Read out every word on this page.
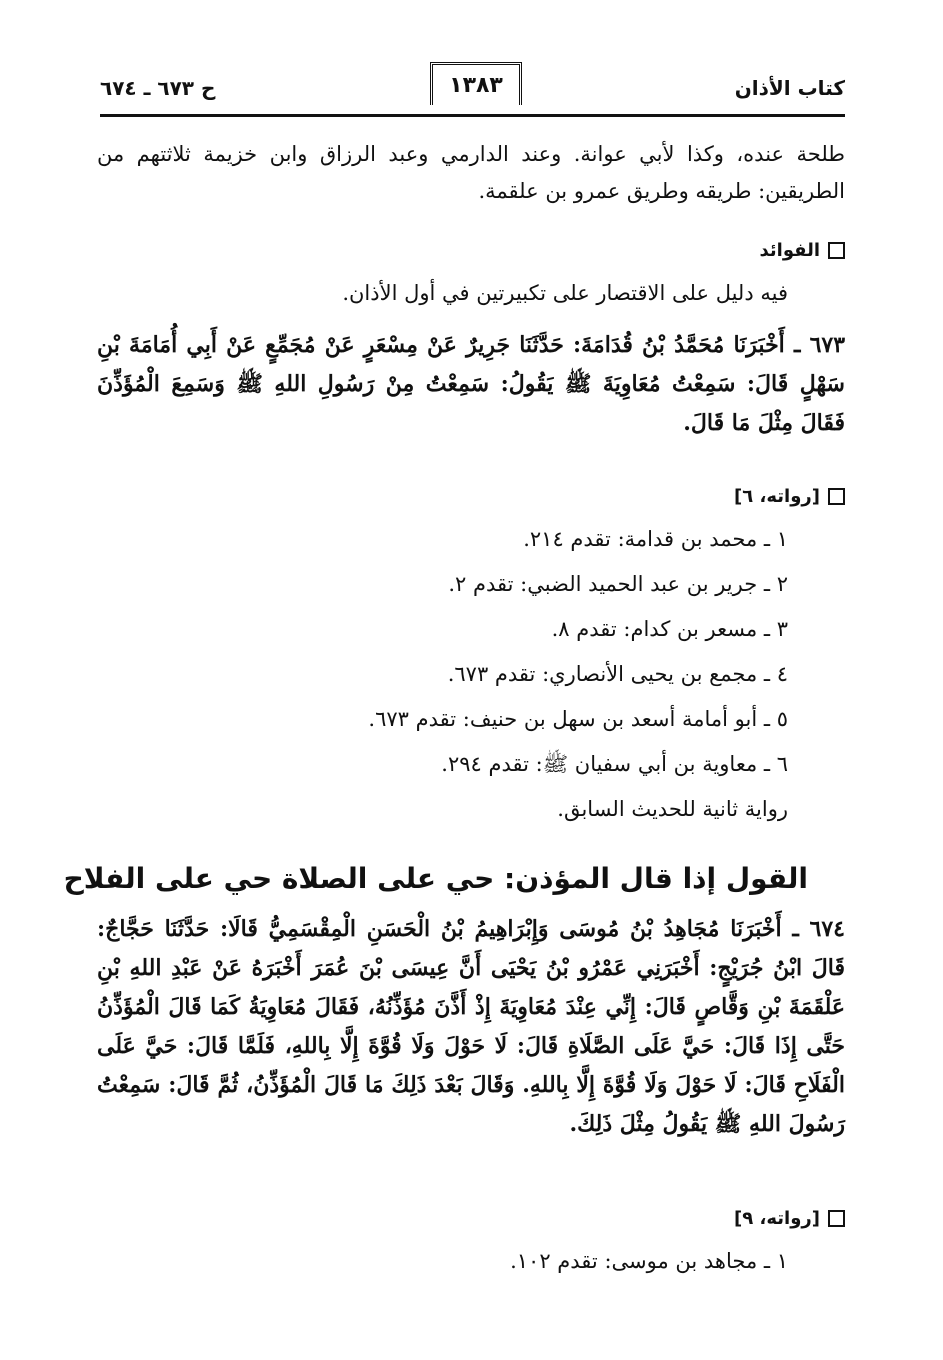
كتاب الأذان
١٣٨٣
ح ٦٧٣ ـ ٦٧٤
طلحة عنده، وكذا لأبي عوانة. وعند الدارمي وعبد الرزاق وابن خزيمة ثلاثتهم من الطريقين: طريقه وطريق عمرو بن علقمة.
الفوائد
فيه دليل على الاقتصار على تكبيرتين في أول الأذان.
٦٧٣ ـ أَخْبَرَنَا مُحَمَّدُ بْنُ قُدَامَةَ: حَدَّثَنَا جَرِيرٌ عَنْ مِسْعَرٍ عَنْ مُجَمِّعٍ عَنْ أَبِي أُمَامَةَ بْنِ سَهْلٍ قَالَ: سَمِعْتُ مُعَاوِيَةَ ﷺ يَقُولُ: سَمِعْتُ مِنْ رَسُولِ اللهِ ﷺ وَسَمِعَ الْمُؤَذِّنَ فَقَالَ مِثْلَ مَا قَالَ.
[رواته، ٦]
١ ـ محمد بن قدامة: تقدم ٢١٤.
٢ ـ جرير بن عبد الحميد الضبي: تقدم ٢.
٣ ـ مسعر بن كدام: تقدم ٨.
٤ ـ مجمع بن يحيى الأنصاري: تقدم ٦٧٣.
٥ ـ أبو أمامة أسعد بن سهل بن حنيف: تقدم ٦٧٣.
٦ ـ معاوية بن أبي سفيان ﷺ: تقدم ٢٩٤.
رواية ثانية للحديث السابق.
القول إذا قال المؤذن: حي على الصلاة حي على الفلاح
٦٧٤ ـ أَخْبَرَنَا مُجَاهِدُ بْنُ مُوسَى وَإِبْرَاهِيمُ بْنُ الْحَسَنِ الْمِقْسَمِيُّ قَالَا: حَدَّثَنَا حَجَّاجٌ: قَالَ ابْنُ جُرَيْجٍ: أَخْبَرَنِي عَمْرُو بْنُ يَحْيَى أَنَّ عِيسَى بْنَ عُمَرَ أَخْبَرَهُ عَنْ عَبْدِ اللهِ بْنِ عَلْقَمَةَ بْنِ وَقَّاصٍ قَالَ: إِنِّي عِنْدَ مُعَاوِيَةَ إِذْ أَذَّنَ مُؤَذِّنُهُ، فَقَالَ مُعَاوِيَةُ كَمَا قَالَ الْمُؤَذِّنُ حَتَّى إِذَا قَالَ: حَيَّ عَلَى الصَّلَاةِ قَالَ: لَا حَوْلَ وَلَا قُوَّةَ إِلَّا بِاللهِ، فَلَمَّا قَالَ: حَيَّ عَلَى الْفَلَاحِ قَالَ: لَا حَوْلَ وَلَا قُوَّةَ إِلَّا بِاللهِ. وَقَالَ بَعْدَ ذَلِكَ مَا قَالَ الْمُؤَذِّنُ، ثُمَّ قَالَ: سَمِعْتُ رَسُولَ اللهِ ﷺ يَقُولُ مِثْلَ ذَلِكَ.
[رواته، ٩]
١ ـ مجاهد بن موسى: تقدم ١٠٢.
